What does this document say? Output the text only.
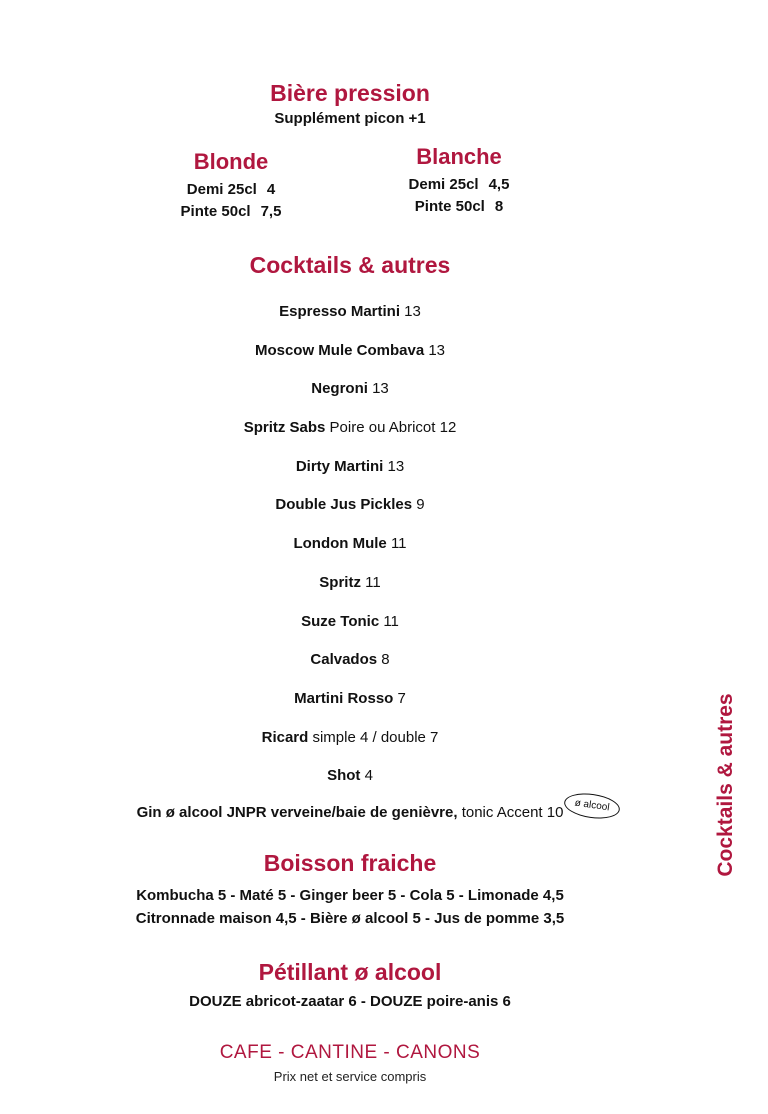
Bière pression

Supplément picon +1

Blonde

Demi 25cl 4

Pinte 50cl 7,5

Blanche

Demi 25cl 4,5

Pinte 50cl 8

Cocktails & autres
Espresso Martini 13
Moscow Mule Combava 13
Negroni 13
Spritz Sabs Poire ou Abricot 12
Dirty Martini 13
Double Jus Pickles 9
London Mule 11
Spritz 11
Suze Tonic 11
Calvados 8
Martini Rosso 7
Ricard simple 4 / double 7
Shot 4

Gin ø alcool JNPR verveine/baie de genièvre, tonic Accent 10	ø alcool
Boisson fraiche

Kombucha 5 - Maté 5 - Ginger beer 5 - Cola 5 - Limonade 4,5

Citronnade maison 4,5 - Bière ø alcool 5 - Jus de pomme 3,5

Pétillant ø alcool

DOUZE abricot-zaatar 6 - DOUZE poire-anis 6

CAFE - CANTINE - CANONS
Prix net et service compris
Cocktails & autres
